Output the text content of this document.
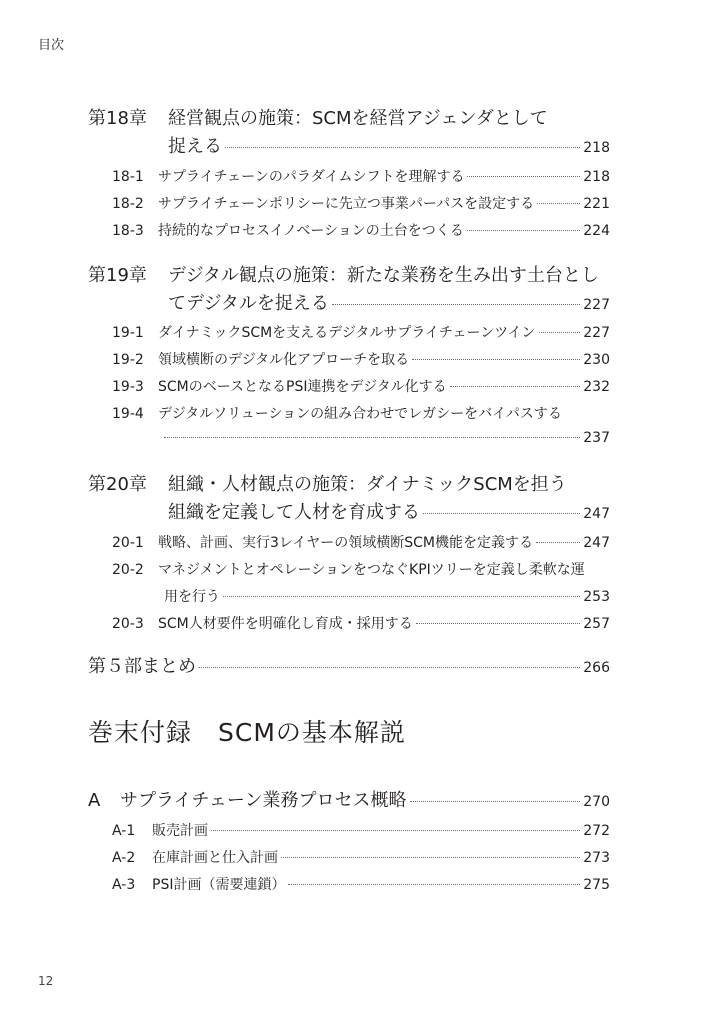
目次
第18章	経営観点の施策：SCMを経営アジェンダとして
捉える	218
18-1	サプライチェーンのパラダイムシフトを理解する	218
18-2	サプライチェーンポリシーに先立つ事業パーパスを設定する	221
18-3	持続的なプロセスイノベーションの土台をつくる	224
第19章	デジタル観点の施策：新たな業務を生み出す土台とし
てデジタルを捉える	227
19-1	ダイナミックSCMを支えるデジタルサプライチェーンツイン	227
19-2	領域横断のデジタル化アプローチを取る	230
19-3	SCMのベースとなるPSI連携をデジタル化する	232
19-4	デジタルソリューションの組み合わせでレガシーをバイパスする
237
第20章	組織・人材観点の施策：ダイナミックSCMを担う
組織を定義して人材を育成する	247
20-1	戦略、計画、実行3レイヤーの領域横断SCM機能を定義する	247
20-2	マネジメントとオペレーションをつなぐKPIツリーを定義し柔軟な運
用を行う	253
20-3	SCM人材要件を明確化し育成・採用する	257
第５部まとめ	266
巻末付録　SCMの基本解説
A	サプライチェーン業務プロセス概略	270
A-1	販売計画	272
A-2	在庫計画と仕入計画	273
A-3	PSI計画（需要連鎖）	275
12
